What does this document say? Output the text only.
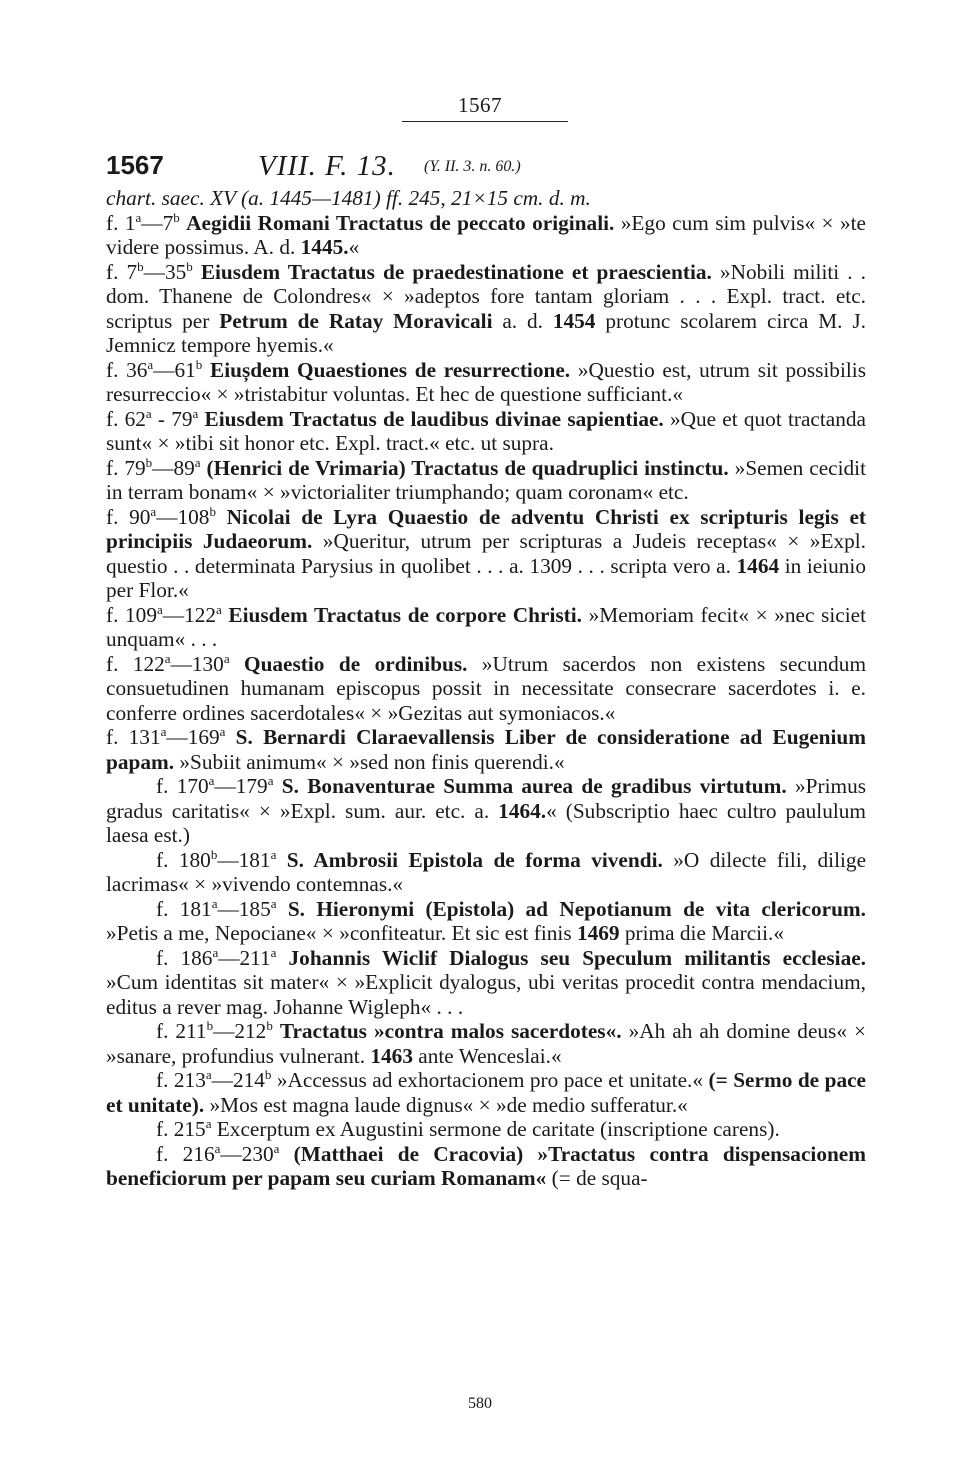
1567
1567	VIII. F. 13. (Y. II. 3. n. 60.)
chart. saec. XV (a. 1445—1481) ff. 245, 21×15 cm. d. m.
f. 1$^a$—7$^b$ Aegidii Romani Tractatus de peccato originali. »Ego cum sim pulvis« × »te videre possimus. A. d. 1445.«
f. 7$^b$—35$^b$ Eiusdem Tractatus de praedestinatione et praescientia. »Nobili militi . . dom. Thanene de Colondres« × »adeptos fore tantam gloriam . . . Expl. tract. etc. scriptus per Petrum de Ratay Moravicali a. d. 1454 protunc scolarem circa M. J. Jemnicz tempore hyemis.«
f. 36$^a$—61$^b$ Eiușdem Quaestiones de resurrectione. »Questio est, utrum sit possibilis resurreccio« × »tristabitur voluntas. Et hec de questione sufficiant.«
f. 62$^a$ - 79$^a$ Eiusdem Tractatus de laudibus divinae sapientiae. »Que et quot tractanda sunt« × »tibi sit honor etc. Expl. tract.« etc. ut supra.
f. 79$^b$—89$^a$ (Henrici de Vrimaria) Tractatus de quadruplici instinctu. »Semen cecidit in terram bonam« × »victorialiter triumphando; quam coronam« etc.
f. 90$^a$—108$^b$ Nicolai de Lyra Quaestio de adventu Christi ex scripturis legis et principiis Judaeorum. »Queritur, utrum per scripturas a Judeis receptas« × »Expl. questio . . determinata Parysius in quolibet . . . a. 1309 . . . scripta vero a. 1464 in ieiunio per Flor.«
f. 109$^a$—122$^a$ Eiusdem Tractatus de corpore Christi. »Memoriam fecit« × »nec siciet unquam« . . .
f. 122$^a$—130$^a$ Quaestio de ordinibus. »Utrum sacerdos non existens secundum consuetudinen humanam episcopus possit in necessitate consecrare sacerdotes i. e. conferre ordines sacerdotales« × »Gezitas aut symoniacos.«
f. 131$^a$—169$^a$ S. Bernardi Claraevallensis Liber de consideratione ad Eugenium papam. »Subiit animum« × »sed non finis querendi.«
f. 170$^a$—179$^a$ S. Bonaventurae Summa aurea de gradibus virtutum. »Primus gradus caritatis« × »Expl. sum. aur. etc. a. 1464.« (Subscriptio haec cultro paululum laesa est.)
f. 180$^b$—181$^a$ S. Ambrosii Epistola de forma vivendi. »O dilecte fili, dilige lacrimas« × »vivendo contemnas.«
f. 181$^a$—185$^a$ S. Hieronymi (Epistola) ad Nepotianum de vita clericorum. »Petis a me, Nepociane« × »confiteatur. Et sic est finis 1469 prima die Marcii.«
f. 186$^a$—211$^a$ Johannis Wiclif Dialogus seu Speculum militantis ecclesiae. »Cum identitas sit mater« × »Explicit dyalogus, ubi veritas procedit contra mendacium, editus a rever mag. Johanne Wigleph« . . .
f. 211$^b$—212$^b$ Tractatus »contra malos sacerdotes«. »Ah ah ah domine deus« × »sanare, profundius vulnerant. 1463 ante Wenceslai.«
f. 213$^a$—214$^b$ »Accessus ad exhortacionem pro pace et unitate.« (= Sermo de pace et unitate). »Mos est magna laude dignus« × »de medio sufferatur.«
f. 215$^a$ Excerptum ex Augustini sermone de caritate (inscriptione carens).
f. 216$^a$—230$^a$ (Matthaei de Cracovia) »Tractatus contra dispensacionem beneficiorum per papam seu curiam Romanam« (= de squa-
580
